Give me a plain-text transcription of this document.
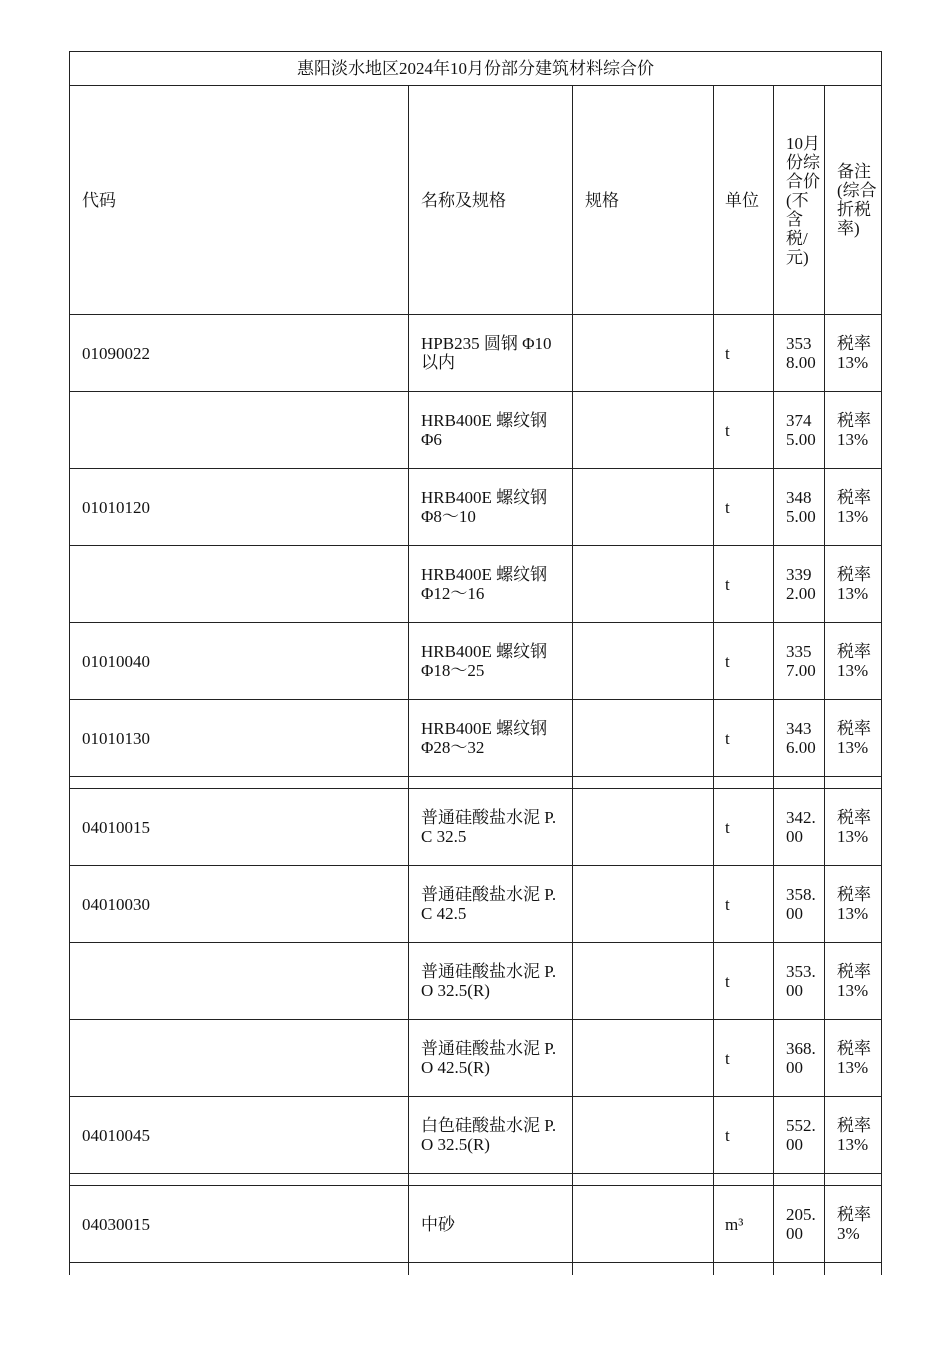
惠阳淡水地区2024年10月份部分建筑材料综合价					
代码	名称及规格	规格	单位	10月份综合价(不含税/元)	备注(综合折税率)
01090022	HPB235 圆钢 Φ10以内		t	3538.00	税率13%
	HRB400E 螺纹钢 Φ6		t	3745.00	税率13%
01010120	HRB400E 螺纹钢 Φ8～10		t	3485.00	税率13%
	HRB400E 螺纹钢 Φ12～16		t	3392.00	税率13%
01010040	HRB400E 螺纹钢 Φ18～25		t	3357.00	税率13%
01010130	HRB400E 螺纹钢 Φ28～32		t	3436.00	税率13%

04010015	普通硅酸盐水泥 P.C 32.5		t	342.00	税率13%
04010030	普通硅酸盐水泥 P.C 42.5		t	358.00	税率13%
	普通硅酸盐水泥 P.O 32.5(R)		t	353.00	税率13%
	普通硅酸盐水泥 P.O 42.5(R)		t	368.00	税率13%
04010045	白色硅酸盐水泥 P.O 32.5(R)		t	552.00	税率13%

04030015	中砂		m³	205.00	税率3%
